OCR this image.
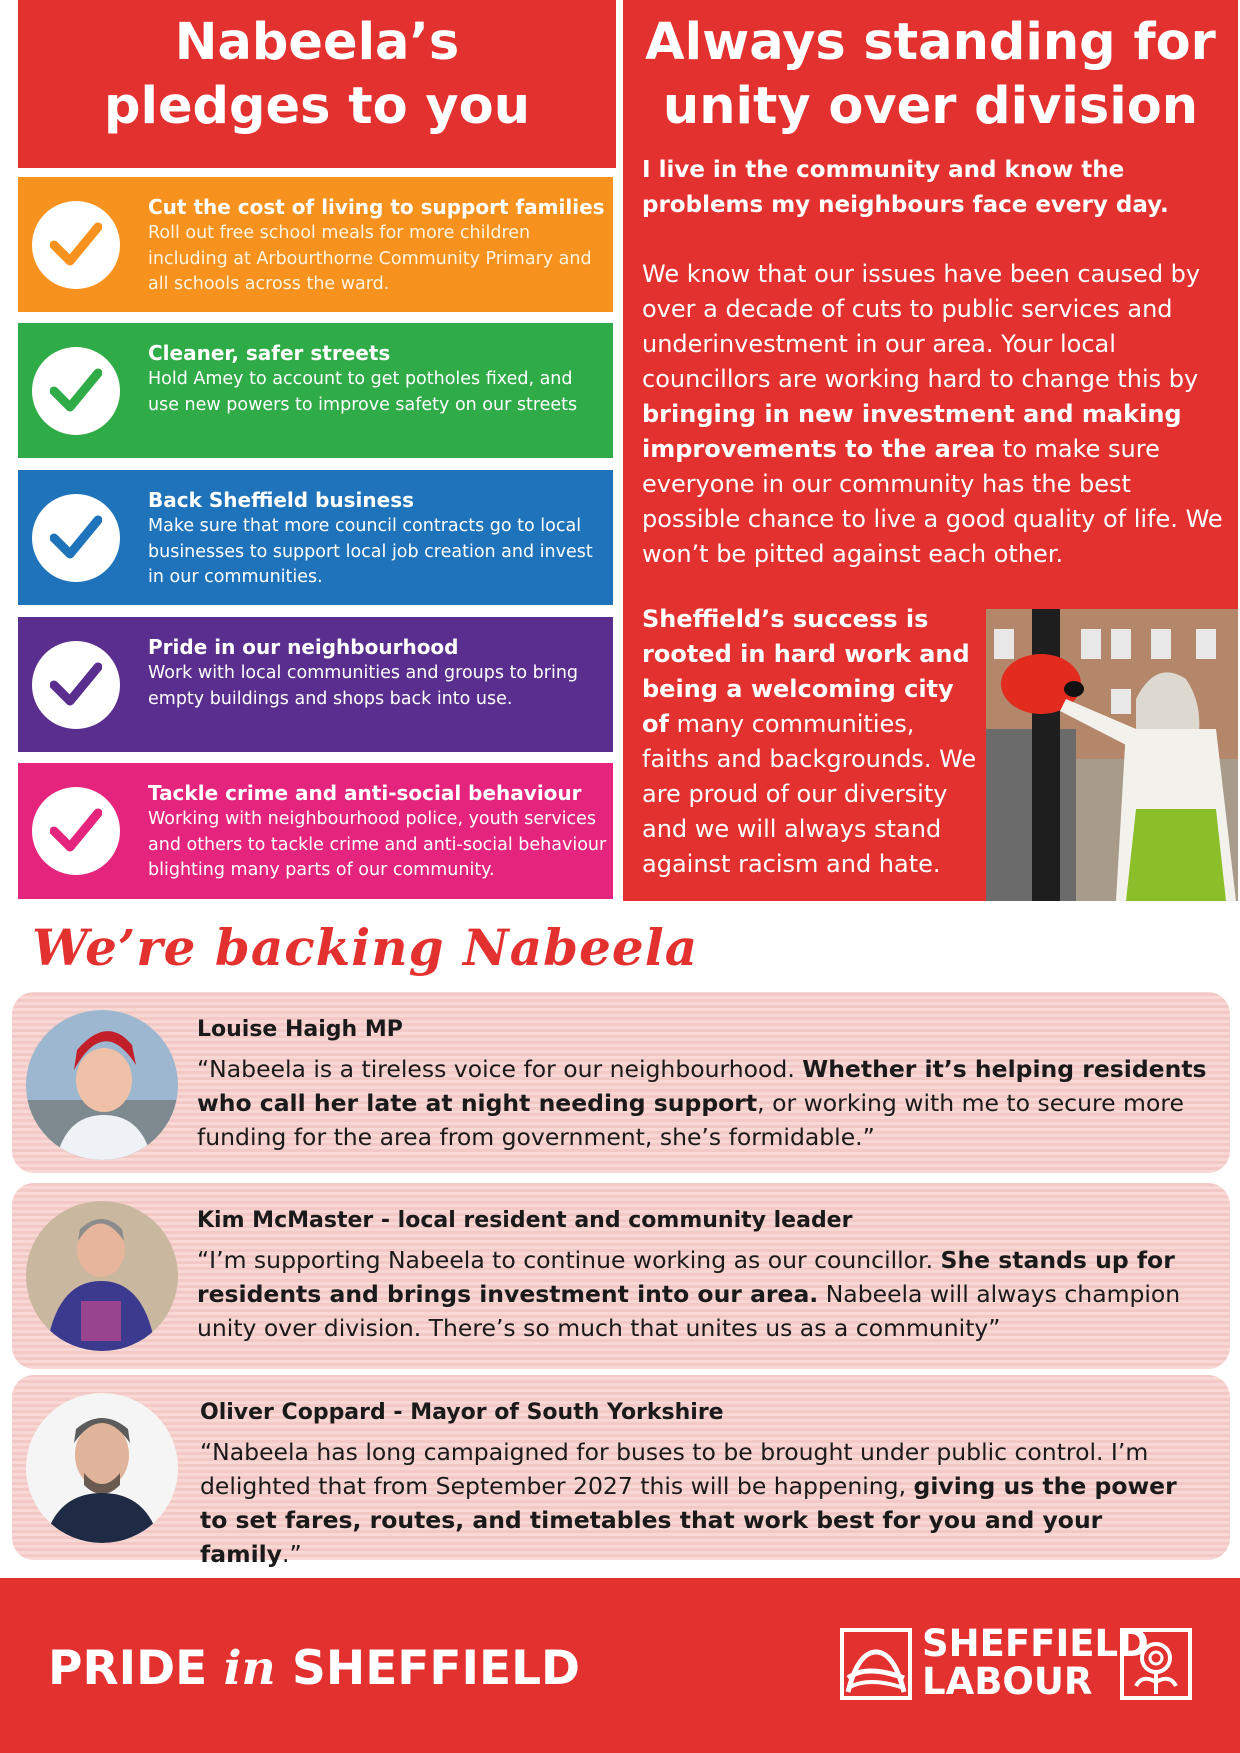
Nabeela’s
pledges to you
Cut the cost of living to support families
Roll out free school meals for more children including at Arbourthorne Community Primary and all schools across the ward.
Cleaner, safer streets
Hold Amey to account to get potholes fixed, and use new powers to improve safety on our streets
Back Sheffield business
Make sure that more council contracts go to local businesses to support local job creation and invest in our communities.
Pride in our neighbourhood
Work with local communities and groups to bring empty buildings and shops back into use.
Tackle crime and anti-social behaviour
Working with neighbourhood police, youth services and others to tackle crime and anti-social behaviour blighting many parts of our community.
Always standing for
unity over division
I live in the community and know the problems my neighbours face every day.
We know that our issues have been caused by over a decade of cuts to public services and underinvestment in our area. Your local councillors are working hard to change this by bringing in new investment and making improvements to the area to make sure everyone in our community has the best possible chance to live a good quality of life. We won’t be pitted against each other.
Sheffield’s success is rooted in hard work and being a welcoming city of many communities, faiths and backgrounds. We are proud of our diversity and we will always stand against racism and hate.
We’re backing Nabeela
Louise Haigh MP
“Nabeela is a tireless voice for our neighbourhood. Whether it’s helping residents who call her late at night needing support, or working with me to secure more funding for the area from government, she’s formidable.”
Kim McMaster - local resident and community leader
“I’m supporting Nabeela to continue working as our councillor. She stands up for residents and brings investment into our area. Nabeela will always champion unity over division. There’s so much that unites us as a community”
Oliver Coppard - Mayor of South Yorkshire
“Nabeela has long campaigned for buses to be brought under public control. I’m delighted that from September 2027 this will be happening, giving us the power to set fares, routes, and timetables that work best for you and your family.”
PRIDE in SHEFFIELD	SHEFFIELD
LABOUR
